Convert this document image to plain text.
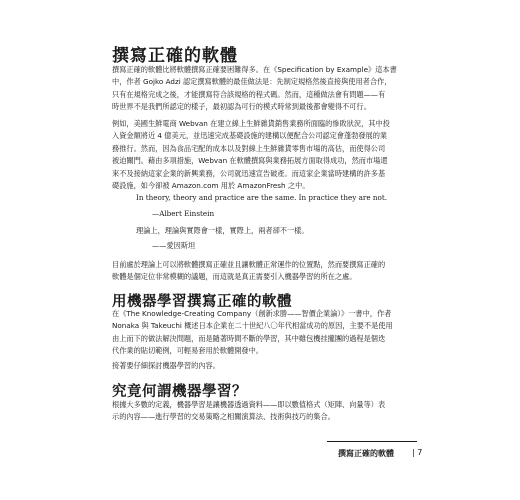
撰寫正確的軟體
撰寫正確的軟體比將軟體撰寫正確要困難得多。在《Specification by Example》這本書
中，作者 Gojko Adzi 認定撰寫軟體的最佳做法是：先制定規格然後直接與使用者合作，
只有在規格完成之後，才能撰寫符合該規格的程式碼。然而，這種做法會有問題——有
時世界不是我們所認定的樣子，最初認為可行的模式時常到最後都會變得不可行。
例如，美國生鮮電商 Webvan 在建立線上生鮮雜貨銷售業務所面臨的慘敗狀況，其中投
入資金額將近 4 億美元，並迅速完成基礎設施的建構以便配合公司認定會蓬勃發展的業
務推行。然而，因為食品宅配的成本以及對線上生鮮雜貨零售市場的高估，而使得公司
被迫關門。藉由多項措施，Webvan 在軟體撰寫與業務拓展方面取得成功，然而市場還
來不及接納這家企業的新興業務，公司就迅速宣告破產。而這家企業當時建構的許多基
礎設施，如今卻被 Amazon.com 用於 AmazonFresh 之中。
In theory, theory and practice are the same. In practice they are not.
—Albert Einstein
理論上，理論與實際會一樣，實際上，兩者卻不一樣。
——愛因斯坦
目前處於理論上可以將軟體撰寫正確並且讓軟體正常運作的位置點，然而要撰寫正確的
軟體是個定位非常模糊的議題，而這就是真正需要引入機器學習的所在之處。
用機器學習撰寫正確的軟體
在《The Knowledge-Creating Company（創新求勝——智價企業論）》一書中，作者
Nonaka 與 Takeuchi 概述日本企業在二十世紀八〇年代相當成功的原因，主要不是使用
由上而下的做法解決問題，而是隨著時間不斷的學習，其中雖包機挂攏團的過程是個迭
代作業的貼切範例，可輕易套用於軟體開發中。
接著要仔細探討機器學習的內容。
究竟何謂機器學習？
根據大多數的定義，機器學習是讓機器透過資料——即以數值格式（矩陣、向量等）表
示的內容——進行學習的交易策略之相關演算法、技術與技巧的集合。
撰寫正確的軟體 | 7
